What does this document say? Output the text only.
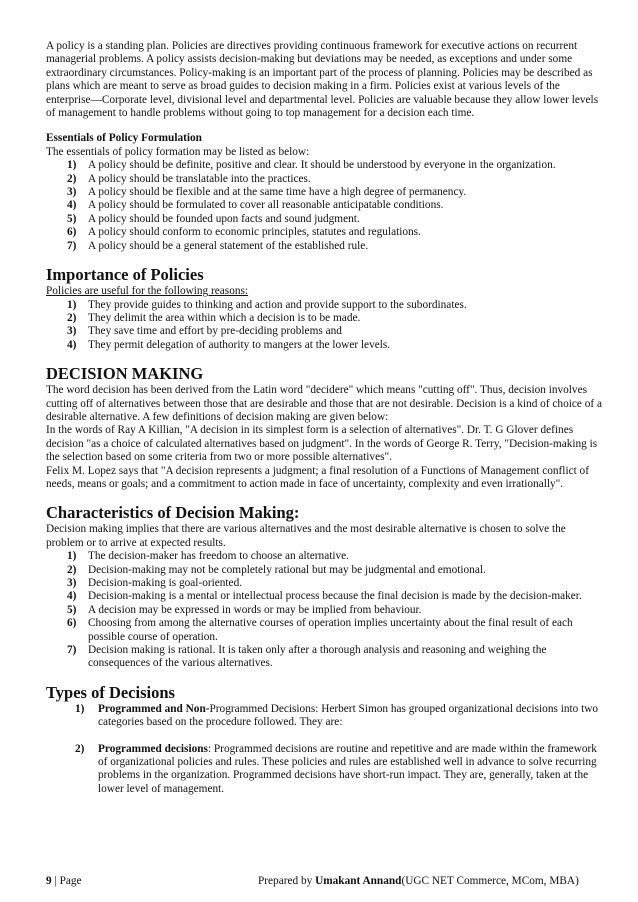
A policy is a standing plan. Policies are directives providing continuous framework for executive actions on recurrent managerial problems. A policy assists decision-making but deviations may be needed, as exceptions and under some extraordinary circumstances. Policy-making is an important part of the process of planning. Policies may be described as plans which are meant to serve as broad guides to decision making in a firm. Policies exist at various levels of the enterprise—Corporate level, divisional level and departmental level. Policies are valuable because they allow lower levels of management to handle problems without going to top management for a decision each time.

Essentials of Policy Formulation

The essentials of policy formation may be listed as below:

1)	A policy should be definite, positive and clear. It should be understood by everyone in the organization.
2)	A policy should be translatable into the practices.
3)	A policy should be flexible and at the same time have a high degree of permanency.
4)	A policy should be formulated to cover all reasonable anticipatable conditions.
5)	A policy should be founded upon facts and sound judgment.
6)	A policy should conform to economic principles, statutes and regulations.
7)	A policy should be a general statement of the established rule.
Importance of Policies

Policies are useful for the following reasons:

1)	They provide guides to thinking and action and provide support to the subordinates.
2)	They delimit the area within which a decision is to be made.
3)	They save time and effort by pre-deciding problems and
4)	They permit delegation of authority to mangers at the lower levels.
DECISION MAKING

The word decision has been derived from the Latin word "decidere" which means "cutting off". Thus, decision involves cutting off of alternatives between those that are desirable and those that are not desirable. Decision is a kind of choice of a desirable alternative. A few definitions of decision making are given below:

In the words of Ray A Killian, "A decision in its simplest form is a selection of alternatives". Dr. T. G Glover defines decision "as a choice of calculated alternatives based on judgment". In the words of George R. Terry, "Decision-making is the selection based on some criteria from two or more possible alternatives".

Felix M. Lopez says that "A decision represents a judgment; a final resolution of a Functions of Management conflict of needs, means or goals; and a commitment to action made in face of uncertainty, complexity and even irrationally".

Characteristics of Decision Making:

Decision making implies that there are various alternatives and the most desirable alternative is chosen to solve the problem or to arrive at expected results.

1)	The decision-maker has freedom to choose an alternative.
2)	Decision-making may not be completely rational but may be judgmental and emotional.
3)	Decision-making is goal-oriented.
4)	Decision-making is a mental or intellectual process because the final decision is made by the decision-maker.
5)	A decision may be expressed in words or may be implied from behaviour.
6)	Choosing from among the alternative courses of operation implies uncertainty about the final result of each possible course of operation.
7)	Decision making is rational. It is taken only after a thorough analysis and reasoning and weighing the consequences of the various alternatives.
Types of Decisions
1)	Programmed and Non-Programmed Decisions: Herbert Simon has grouped organizational decisions into two categories based on the procedure followed. They are:
2)	Programmed decisions: Programmed decisions are routine and repetitive and are made within the framework of organizational policies and rules. These policies and rules are established well in advance to solve recurring problems in the organization. Programmed decisions have short-run impact. They are, generally, taken at the lower level of management.
9 | Page	Prepared by Umakant Annand(UGC NET Commerce, MCom, MBA)
